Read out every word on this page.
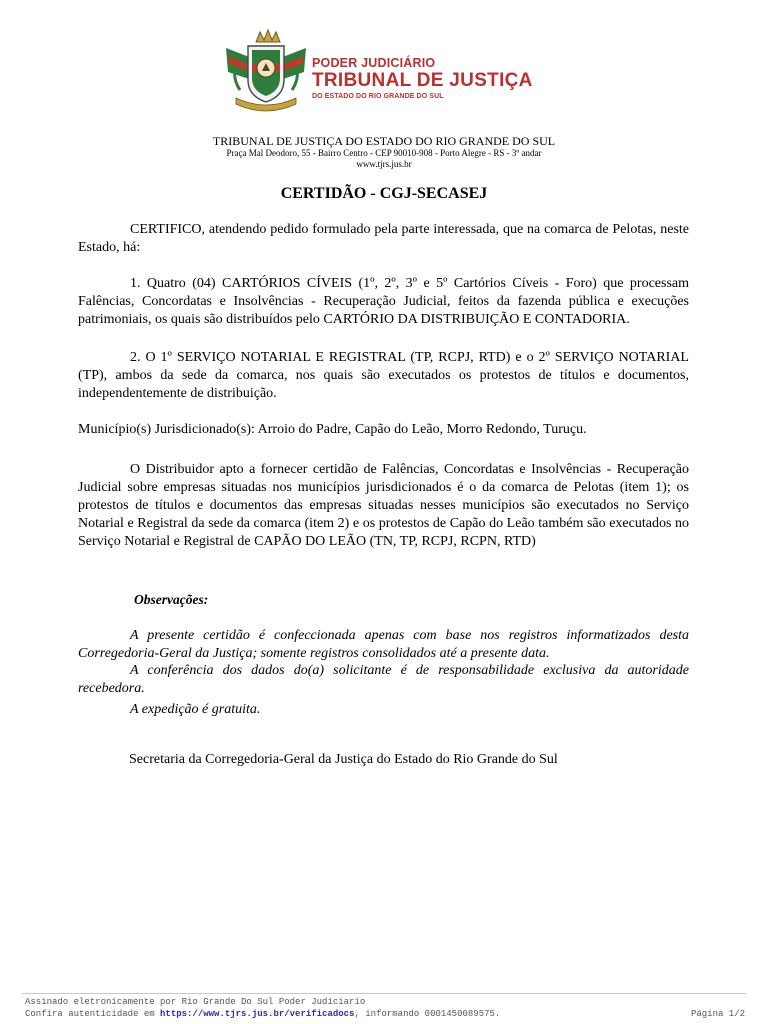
PODER JUDICIÁRIO
TRIBUNAL DE JUSTIÇA
DO ESTADO DO RIO GRANDE DO SUL
TRIBUNAL DE JUSTIÇA DO ESTADO DO RIO GRANDE DO SUL
Praça Mal Deodoro, 55 - Bairro Centro - CEP 90010-908 - Porto Alegre - RS - 3º andar
www.tjrs.jus.br
CERTIDÃO - CGJ-SECASEJ
CERTIFICO, atendendo pedido formulado pela parte interessada, que na comarca de Pelotas, neste Estado, há:
1. Quatro (04) CARTÓRIOS CÍVEIS (1º, 2º, 3º e 5º Cartórios Cíveis - Foro) que processam Falências, Concordatas e Insolvências - Recuperação Judicial, feitos da fazenda pública e execuções patrimoniais, os quais são distribuídos pelo CARTÓRIO DA DISTRIBUIÇÃO E CONTADORIA.
2. O 1º SERVIÇO NOTARIAL E REGISTRAL (TP, RCPJ, RTD) e o 2º SERVIÇO NOTARIAL (TP), ambos da sede da comarca, nos quais são executados os protestos de títulos e documentos, independentemente de distribuição.
Município(s) Jurisdicionado(s): Arroio do Padre, Capão do Leão, Morro Redondo, Turuçu.
O Distribuidor apto a fornecer certidão de Falências, Concordatas e Insolvências - Recuperação Judicial sobre empresas situadas nos municípios jurisdicionados é o da comarca de Pelotas (item 1); os protestos de títulos e documentos das empresas situadas nesses municípios são executados no Serviço Notarial e Registral da sede da comarca (item 2) e os protestos de Capão do Leão também são executados no Serviço Notarial e Registral de CAPÃO DO LEÃO (TN, TP, RCPJ, RCPN, RTD)
Observações:
A presente certidão é confeccionada apenas com base nos registros informatizados desta Corregedoria-Geral da Justiça; somente registros consolidados até a presente data.
A conferência dos dados do(a) solicitante é de responsabilidade exclusiva da autoridade recebedora.
A expedição é gratuita.
Secretaria da Corregedoria-Geral da Justiça do Estado do Rio Grande do Sul
Assinado eletronicamente por Rio Grande Do Sul Poder Judiciario
Confira autenticidade em https://www.tjrs.jus.br/verificadocs, informando 0001450089575.	Página 1/2
